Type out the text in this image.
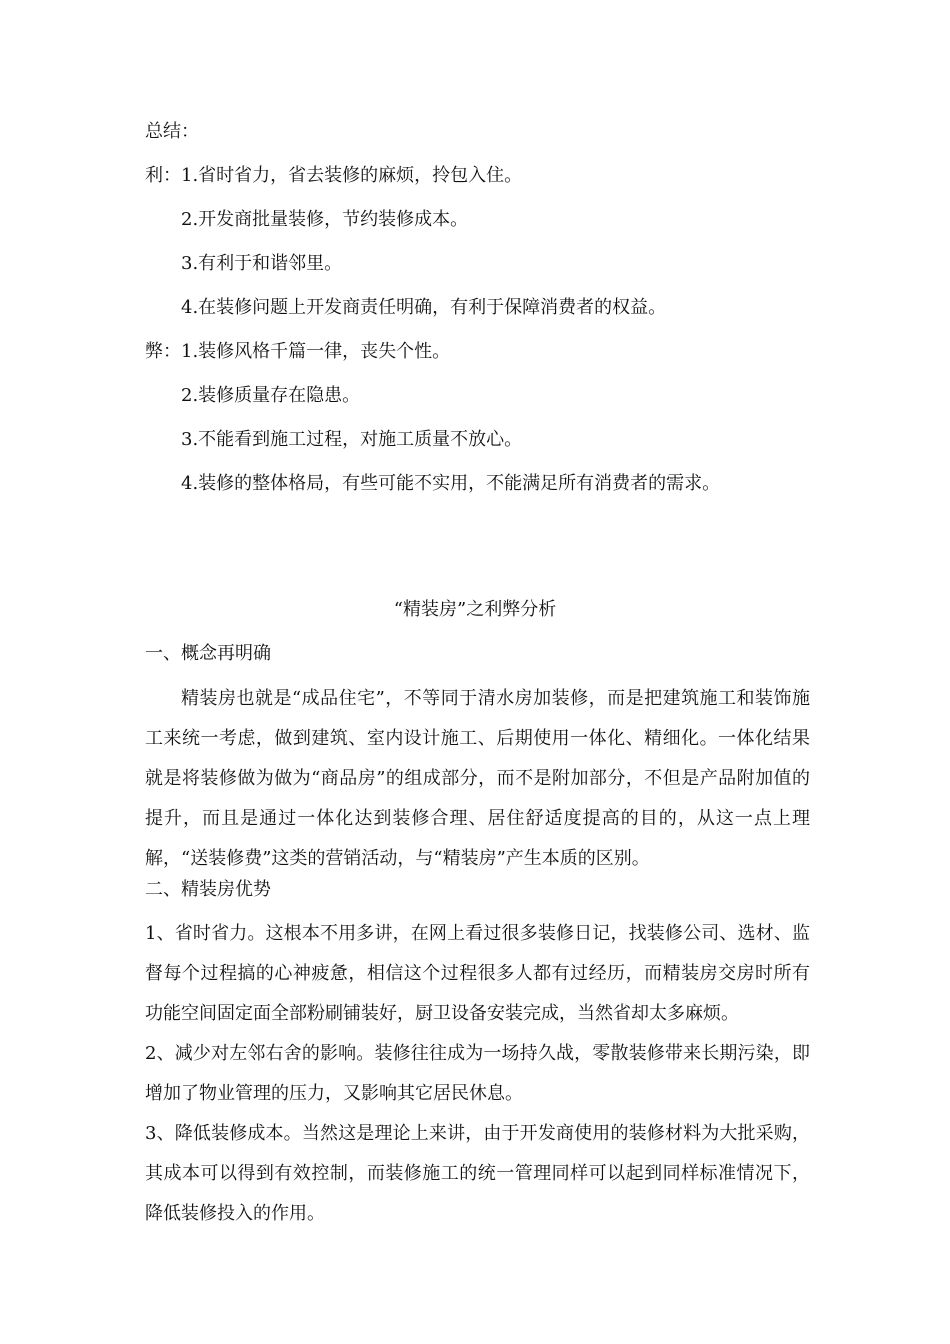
总结：
利： 1.省时省力，省去装修的麻烦，拎包入住。
2.开发商批量装修，节约装修成本。
3.有利于和谐邻里。
4.在装修问题上开发商责任明确，有利于保障消费者的权益。
弊： 1.装修风格千篇一律，丧失个性。
2.装修质量存在隐患。
3.不能看到施工过程，对施工质量不放心。
4.装修的整体格局，有些可能不实用，不能满足所有消费者的需求。
“精装房”之利弊分析
一、概念再明确
精装房也就是“成品住宅”，不等同于清水房加装修，而是把建筑施工和装饰施工来统一考虑，做到建筑、室内设计施工、后期使用一体化、精细化。一体化结果就是将装修做为做为“商品房”的组成部分，而不是附加部分，不但是产品附加值的提升，而且是通过一体化达到装修合理、居住舒适度提高的目的，从这一点上理解，“送装修费”这类的营销活动，与“精装房”产生本质的区别。
二、精装房优势
1、省时省力。这根本不用多讲，在网上看过很多装修日记，找装修公司、选材、监督每个过程搞的心神疲惫，相信这个过程很多人都有过经历，而精装房交房时所有功能空间固定面全部粉刷铺装好，厨卫设备安装完成，当然省却太多麻烦。
2、减少对左邻右舍的影响。装修往往成为一场持久战，零散装修带来长期污染，即增加了物业管理的压力，又影响其它居民休息。
3、降低装修成本。当然这是理论上来讲，由于开发商使用的装修材料为大批采购，其成本可以得到有效控制，而装修施工的统一管理同样可以起到同样标准情况下，降低装修投入的作用。
